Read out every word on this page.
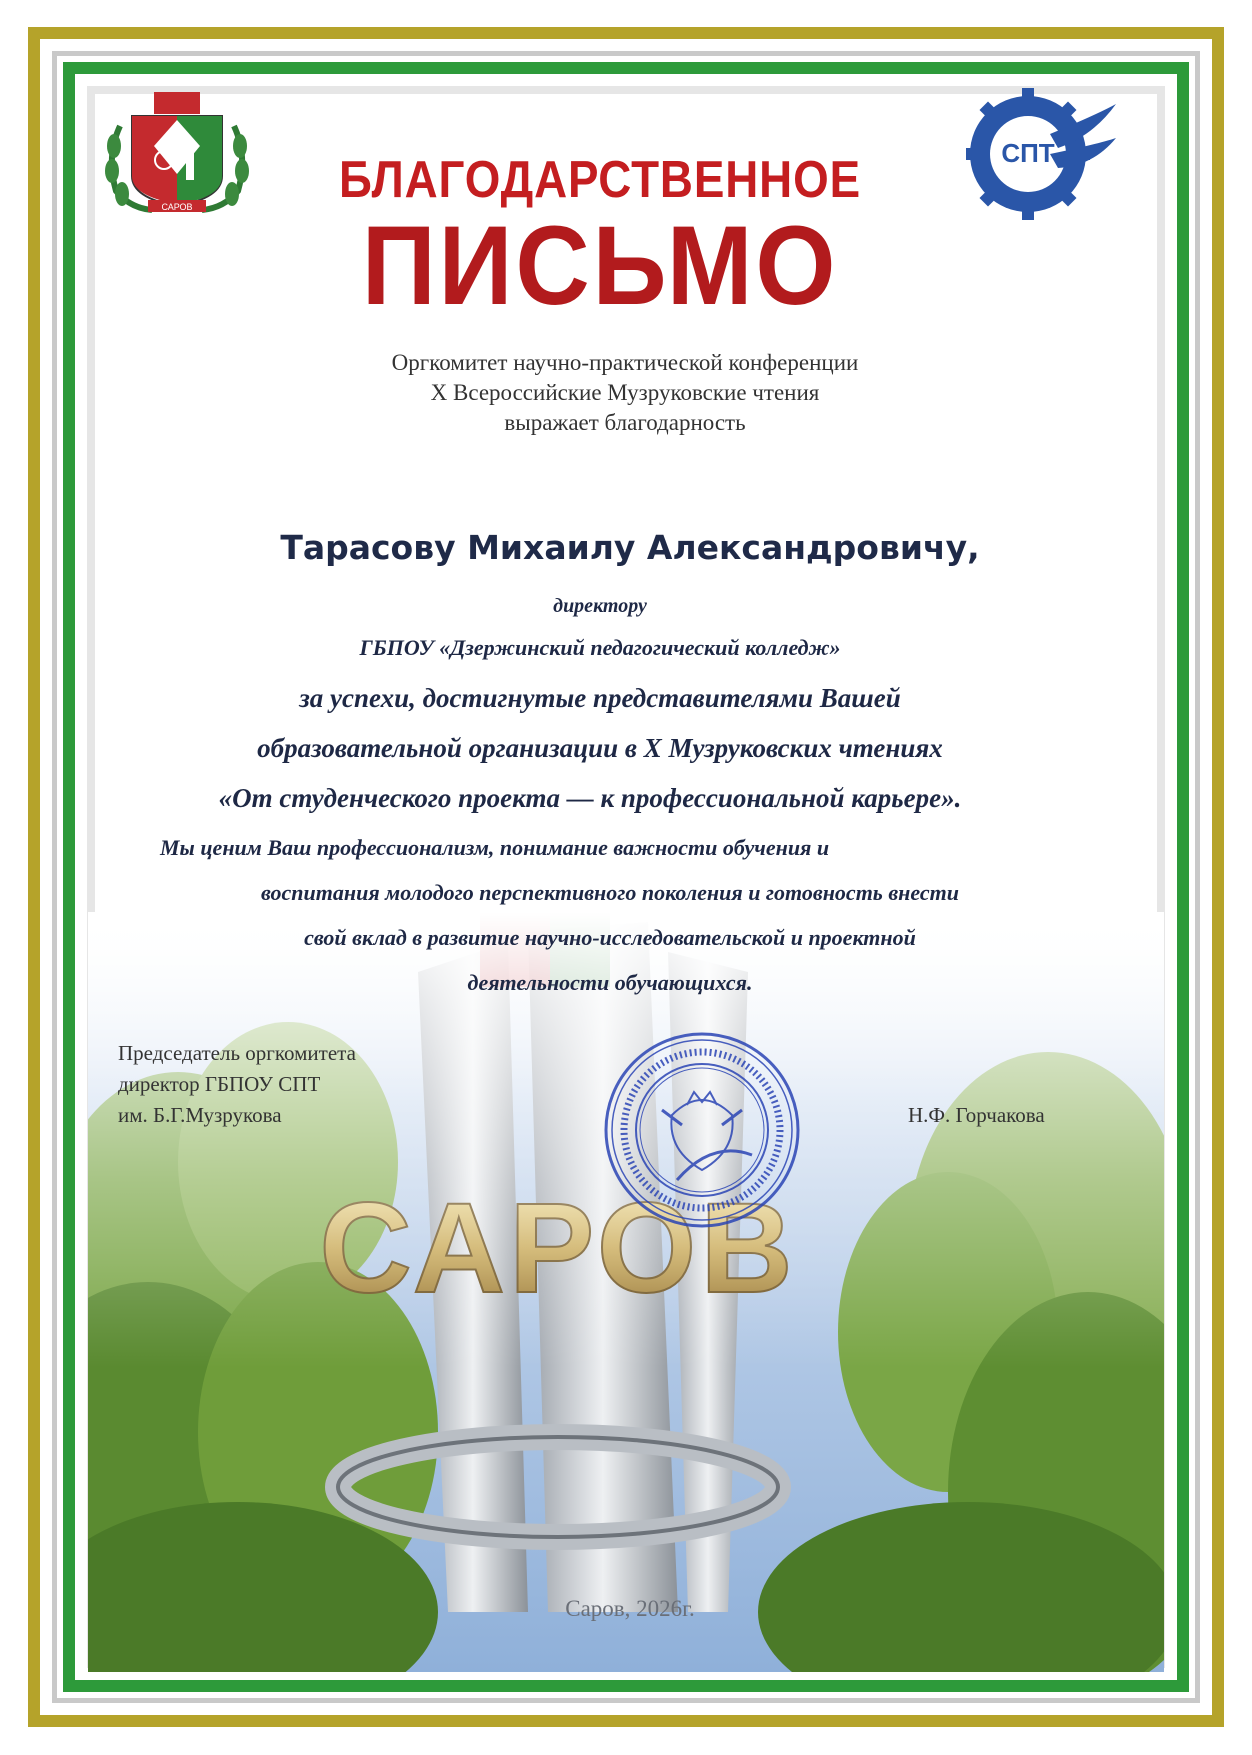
САРОВ
СПТ
БЛАГОДАРСТВЕННОЕ
ПИСЬМО
Оргкомитет научно-практической конференции
X Всероссийские Музруковские чтения
выражает благодарность
Тарасову Михаилу Александровичу,
директору
ГБПОУ «Дзержинский педагогический колледж»
за успехи, достигнутые представителями Вашей
образовательной организации в X Музруковских чтениях
«От студенческого проекта — к профессиональной карьере».
Мы ценим Ваш профессионализм, понимание важности обучения и
воспитания молодого перспективного поколения и готовность внести
свой вклад в развитие научно-исследовательской и проектной
деятельности обучающихся.
Председатель оргкомитета
директор ГБПОУ СПТ
им. Б.Г.Музрукова	Н.Ф. Горчакова
Саров, 2026г.
